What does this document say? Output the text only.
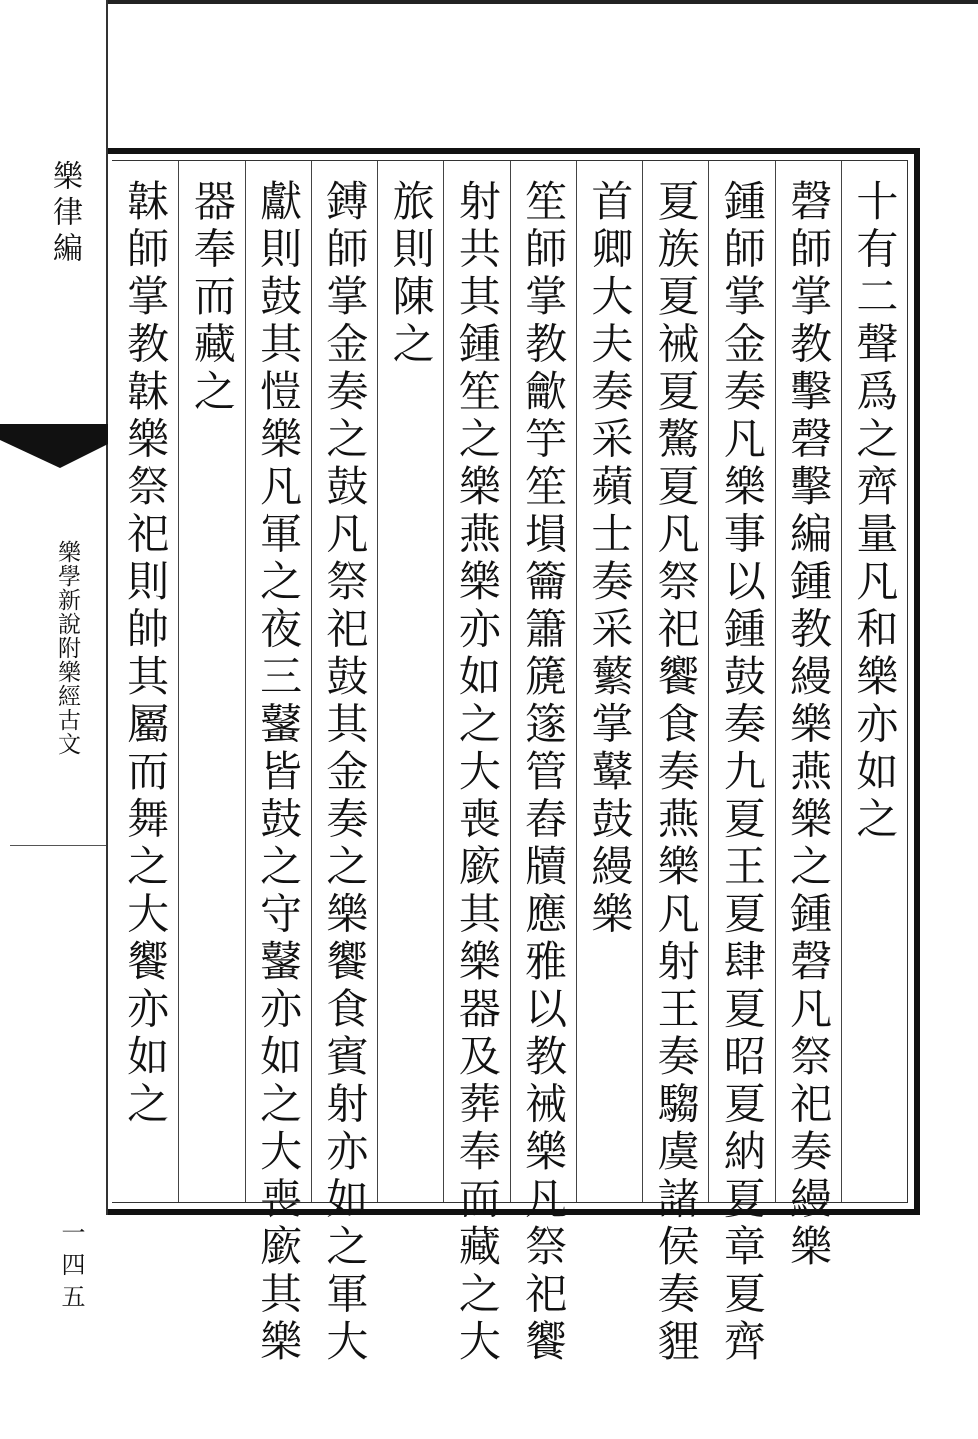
樂律編
樂學新說附樂經古文
一四五
十有二聲爲之齊量凡和樂亦如之
磬師掌教擊磬擊編鍾教縵樂燕樂之鍾磬凡祭祀奏縵樂
鍾師掌金奏凡樂事以鍾鼓奏九夏王夏肆夏昭夏納夏章夏齊
夏族夏祴夏驁夏凡祭祀饗食奏燕樂凡射王奏騶虞諸侯奏貍
首卿大夫奏采蘋士奏采蘩掌鼙鼓縵樂
笙師掌教龡竽笙塤籥簫篪篴管舂牘應雅以教祴樂凡祭祀饗
射共其鍾笙之樂燕樂亦如之大喪廞其樂器及葬奉而藏之大
旅則陳之
鎛師掌金奏之鼓凡祭祀鼓其金奏之樂饗食賓射亦如之軍大
獻則鼓其愷樂凡軍之夜三鼜皆鼓之守鼜亦如之大喪廞其樂
器奉而藏之
韎師掌教韎樂祭祀則帥其屬而舞之大饗亦如之
